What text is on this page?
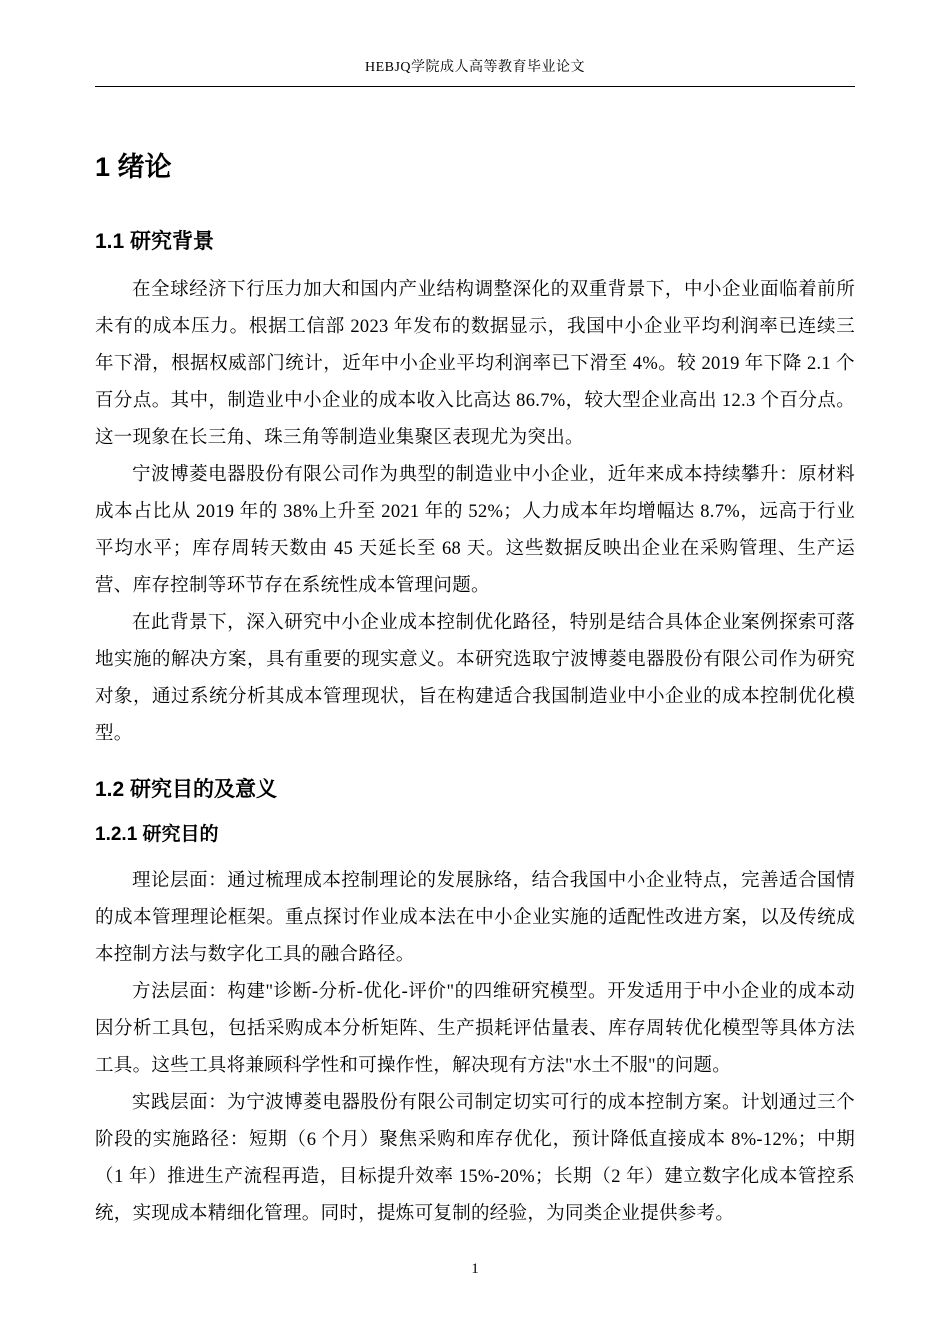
HEBJQ学院成人高等教育毕业论文
1 绪论
1.1 研究背景

在全球经济下行压力加大和国内产业结构调整深化的双重背景下，中小企业面临着前所未有的成本压力。根据工信部 2023 年发布的数据显示，我国中小企业平均利润率已连续三年下滑，根据权威部门统计，近年中小企业平均利润率已下滑至 4%。较 2019 年下降 2.1 个百分点。其中，制造业中小企业的成本收入比高达 86.7%，较大型企业高出 12.3 个百分点。这一现象在长三角、珠三角等制造业集聚区表现尤为突出。

宁波博菱电器股份有限公司作为典型的制造业中小企业，近年来成本持续攀升：原材料成本占比从 2019 年的 38%上升至 2021 年的 52%；人力成本年均增幅达 8.7%，远高于行业平均水平；库存周转天数由 45 天延长至 68 天。这些数据反映出企业在采购管理、生产运营、库存控制等环节存在系统性成本管理问题。

在此背景下，深入研究中小企业成本控制优化路径，特别是结合具体企业案例探索可落地实施的解决方案，具有重要的现实意义。本研究选取宁波博菱电器股份有限公司作为研究对象，通过系统分析其成本管理现状，旨在构建适合我国制造业中小企业的成本控制优化模型。

1.2 研究目的及意义
1.2.1 研究目的

理论层面：通过梳理成本控制理论的发展脉络，结合我国中小企业特点，完善适合国情的成本管理理论框架。重点探讨作业成本法在中小企业实施的适配性改进方案，以及传统成本控制方法与数字化工具的融合路径。

方法层面：构建"诊断-分析-优化-评价"的四维研究模型。开发适用于中小企业的成本动因分析工具包，包括采购成本分析矩阵、生产损耗评估量表、库存周转优化模型等具体方法工具。这些工具将兼顾科学性和可操作性，解决现有方法"水土不服"的问题。

实践层面：为宁波博菱电器股份有限公司制定切实可行的成本控制方案。计划通过三个阶段的实施路径：短期（6 个月）聚焦采购和库存优化，预计降低直接成本 8%-12%；中期（1 年）推进生产流程再造，目标提升效率 15%-20%；长期（2 年）建立数字化成本管控系统，实现成本精细化管理。同时，提炼可复制的经验，为同类企业提供参考。

1
